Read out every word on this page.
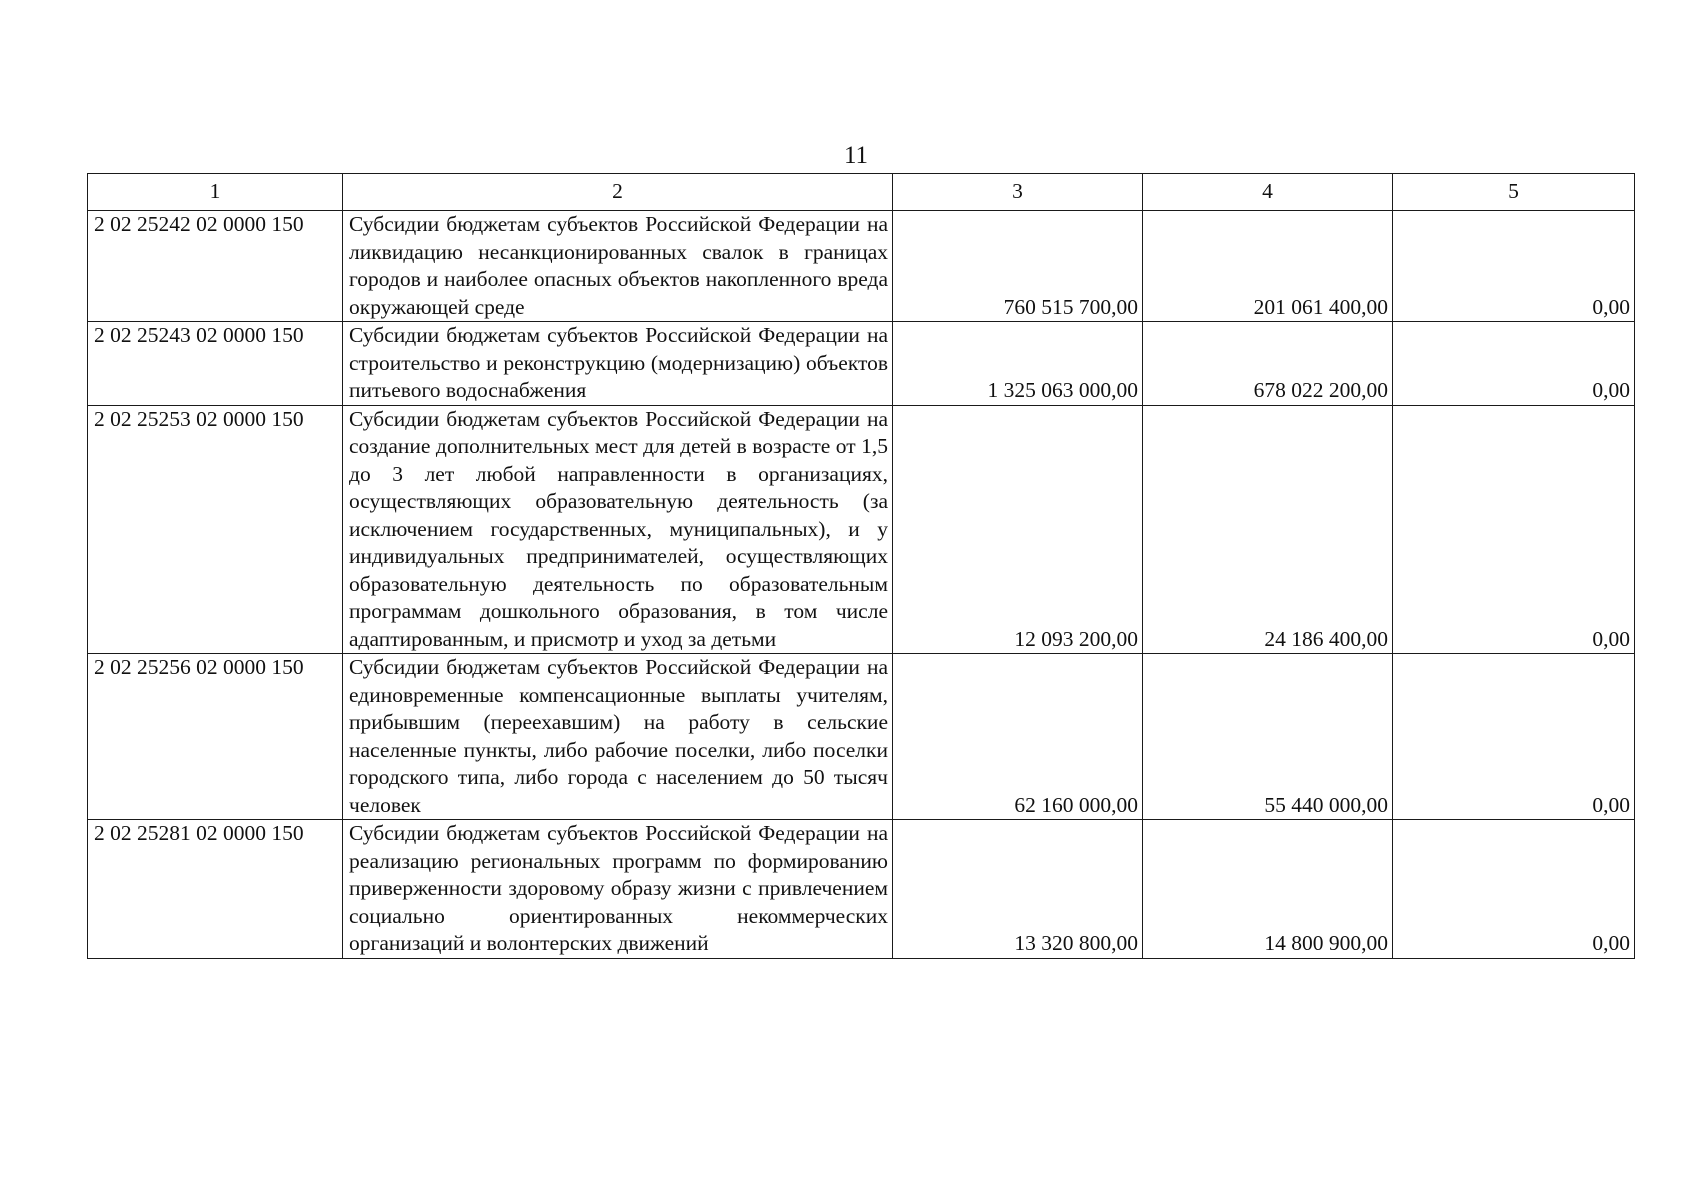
11
1	2	3	4	5
2 02 25242 02 0000 150	Субсидии бюджетам субъектов Российской Федерации на ликвидацию несанкционированных свалок в границах городов и наиболее опасных объектов накопленного вреда окружающей среде	760 515 700,00	201 061 400,00	0,00
2 02 25243 02 0000 150	Субсидии бюджетам субъектов Российской Федерации на строительство и реконструкцию (модернизацию) объектов питьевого водоснабжения	1 325 063 000,00	678 022 200,00	0,00
2 02 25253 02 0000 150	Субсидии бюджетам субъектов Российской Федерации на создание дополнительных мест для детей в возрасте от 1,5 до 3 лет любой направленности в организациях, осуществляющих образовательную деятельность (за исключением государственных, муниципальных), и у индивидуальных предпринимателей, осуществляющих образовательную деятельность по образовательным программам дошкольного образования, в том числе адаптированным, и присмотр и уход за детьми	12 093 200,00	24 186 400,00	0,00
2 02 25256 02 0000 150	Субсидии бюджетам субъектов Российской Федерации на единовременные компенсационные выплаты учителям, прибывшим (переехавшим) на работу в сельские населенные пункты, либо рабочие поселки, либо поселки городского типа, либо города с населением до 50 тысяч человек	62 160 000,00	55 440 000,00	0,00
2 02 25281 02 0000 150	Субсидии бюджетам субъектов Российской Федерации на реализацию региональных программ по формированию приверженности здоровому образу жизни с привлечением социально ориентированных некоммерческих организаций и волонтерских движений	13 320 800,00	14 800 900,00	0,00
